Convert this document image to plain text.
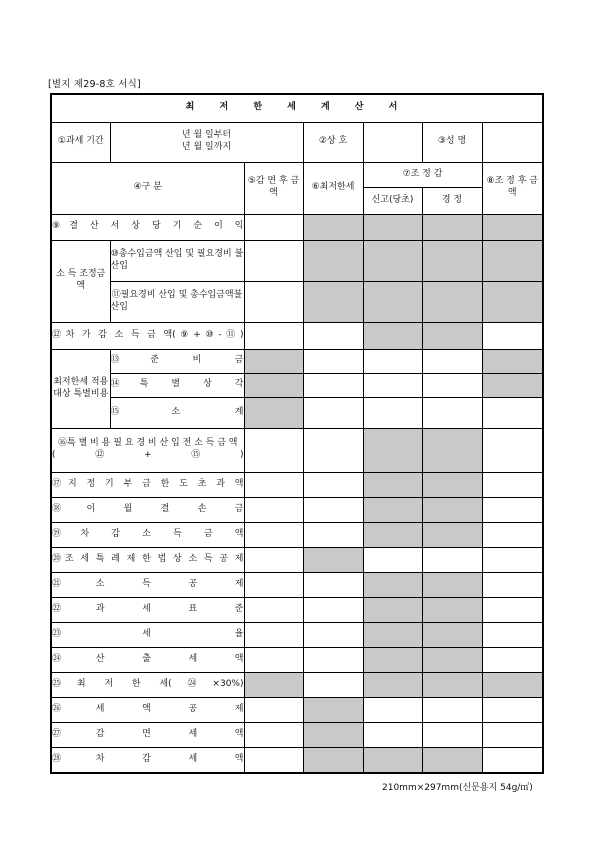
[별지 제29-8호 서식]
최 저 한 세 계 산 서						
①과세 기간	년 월 일부터
년 월 일까지		②상 호		③성 명	
④구 분		⑤감 면 후 금 액	⑥최저한세	⑦조 정 감		⑧조 정 후 금 액
				신고(당초)	경 정	
⑨결 산 서 상 당 기 순 이 익						
소 득 조정금액	⑩총수입금액 산입 및 필요경비 불산입					
	⑪필요경비 산입 및 총수입금액불산입					
⑫차 가 감 소 득 금 액(⑨+⑩-⑪)						
최저한세 적용대상 특별비용	⑬준 비 금					
	⑭특 별 상 각					
	⑮소 계					
⑯특 별 비 용 필 요 경 비 산 입 전 소 득 금 액(⑫+⑮)						
⑰지 정 기 부 금 한 도 초 과 액						
⑱이 월 결 손 금						
⑲차 감 소 득 금 액						
⑳조 세 특 례 제 한 법 상 소 득 공 제						
㉑소 득 공 제						
㉒과 세 표 준						
㉓세 율						
㉔산 출 세 액						
㉕최 저 한 세(㉔×30%)						
㉖세 액 공 제						
㉗감 면 세 액						
㉘차 감 세 액						
210mm×297mm(신문용지 54g/㎡)
